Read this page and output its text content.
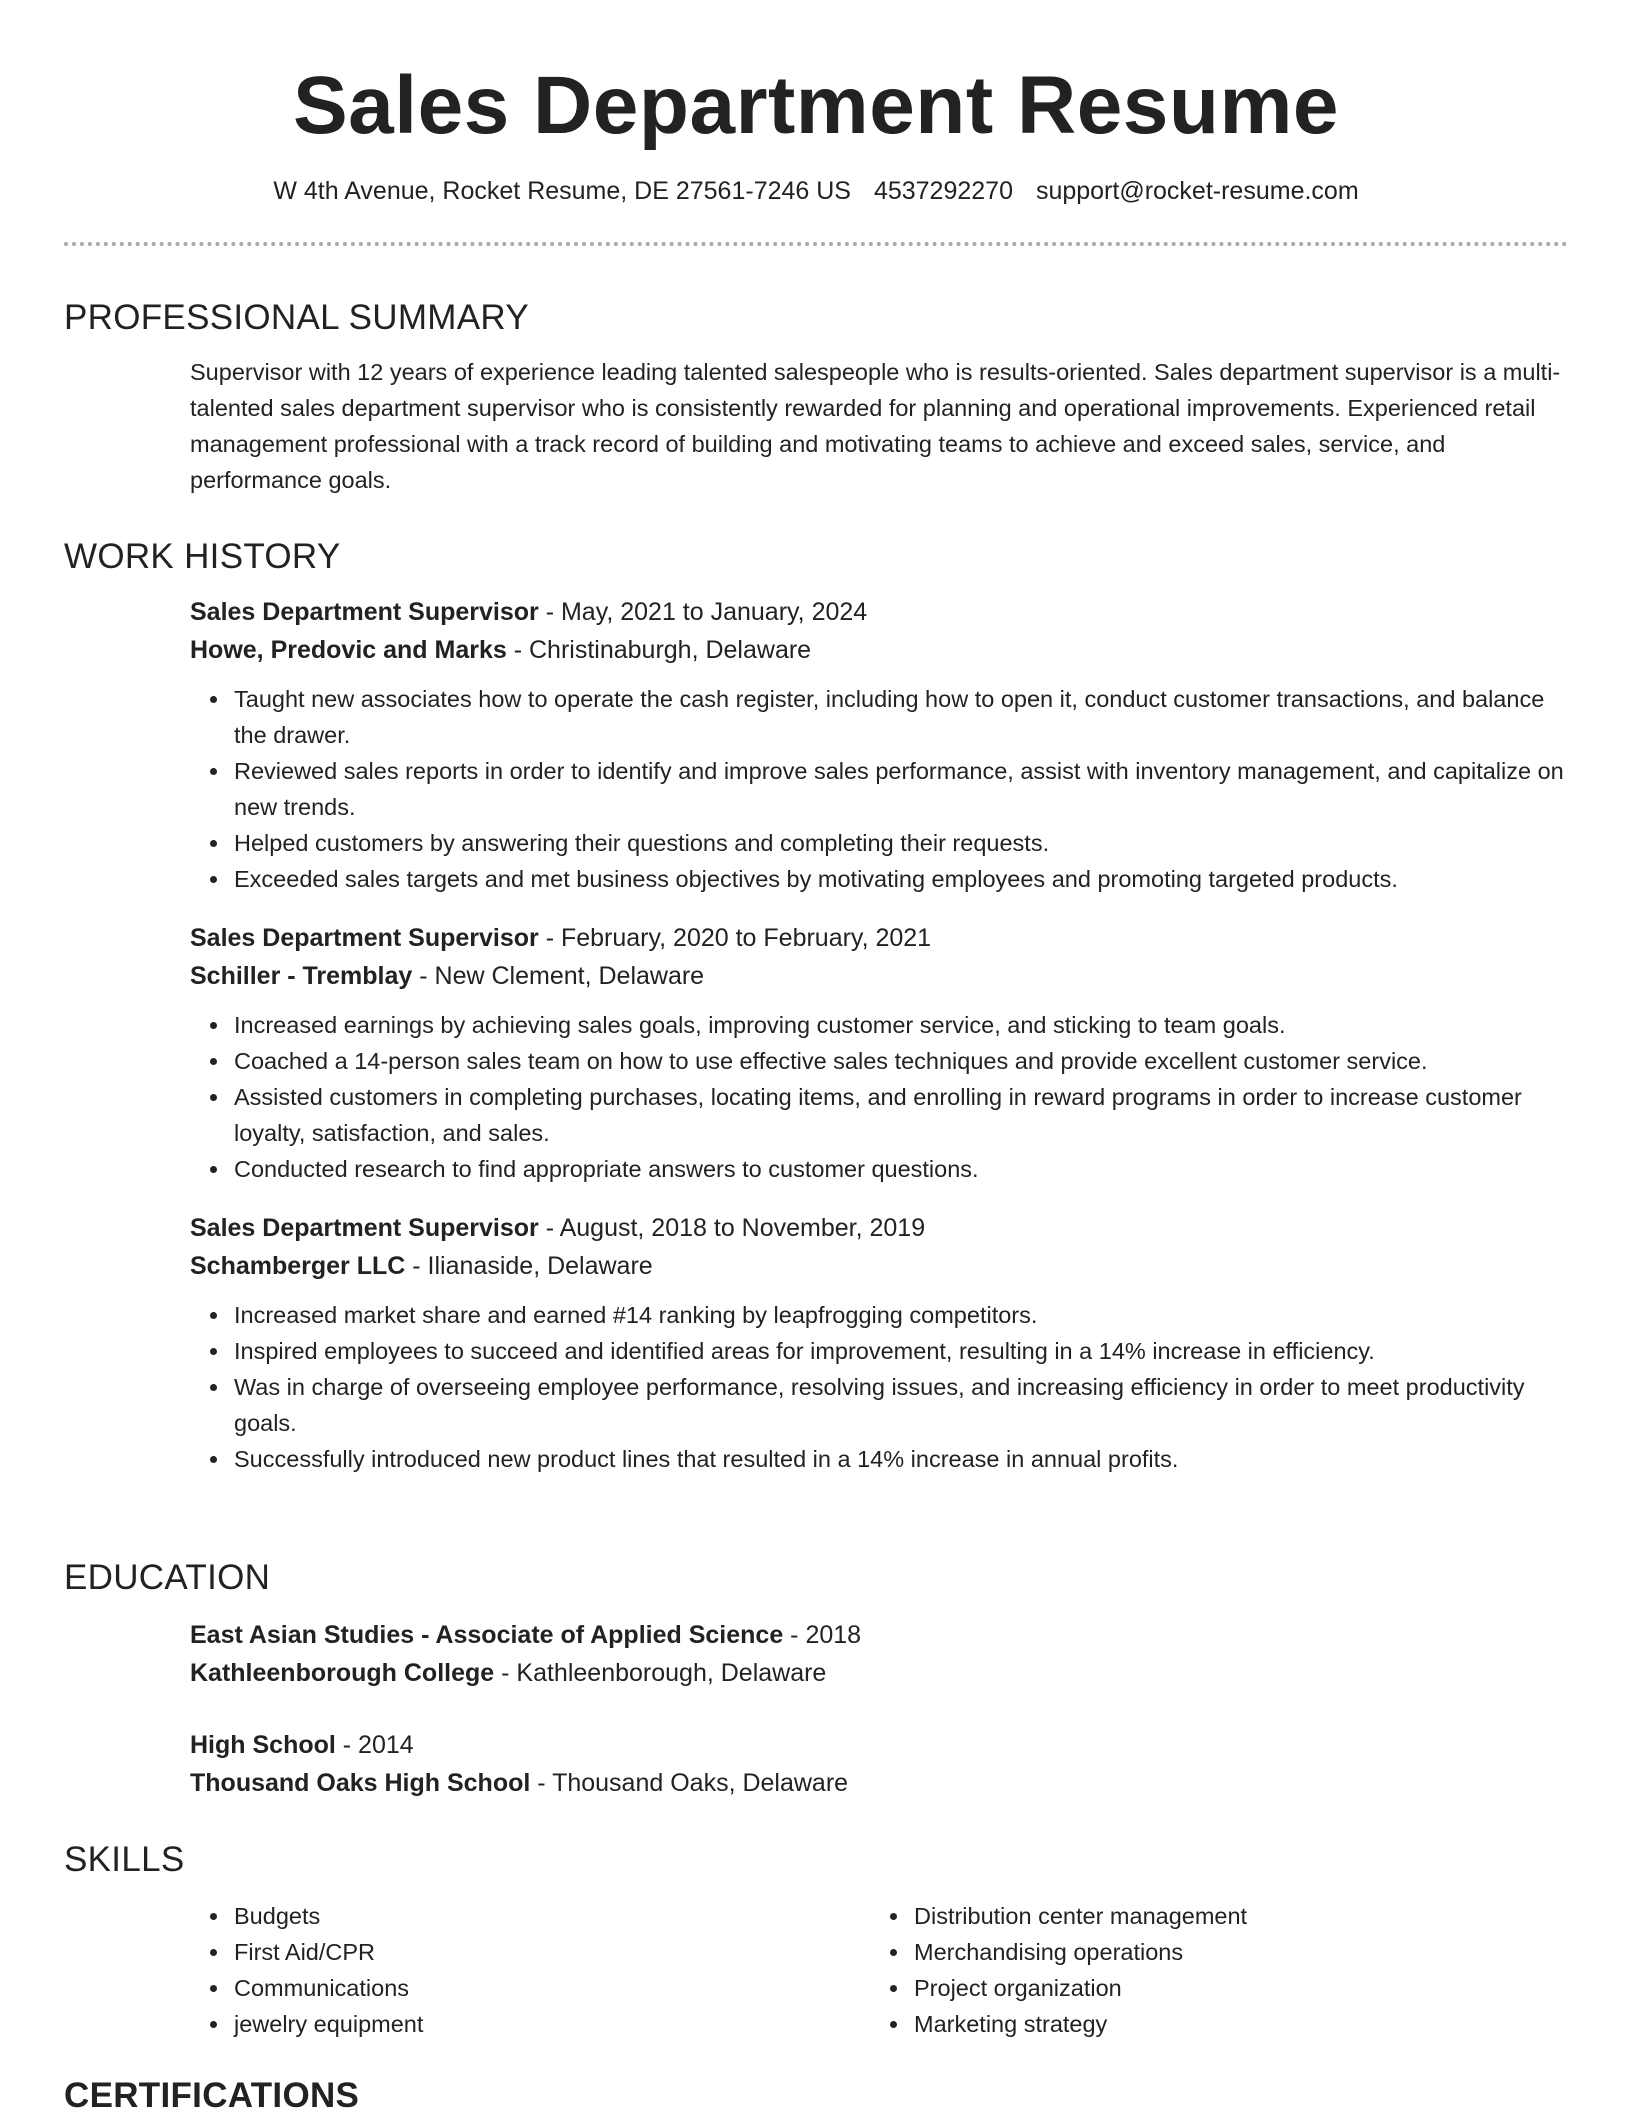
Sales Department Resume
W 4th Avenue, Rocket Resume, DE 27561-7246 US 4537292270 support@rocket-resume.com
PROFESSIONAL SUMMARY

Supervisor with 12 years of experience leading talented salespeople who is results-oriented. Sales department supervisor is a multi-talented sales department supervisor who is consistently rewarded for planning and operational improvements. Experienced retail management professional with a track record of building and motivating teams to achieve and exceed sales, service, and performance goals.

WORK HISTORY

Sales Department Supervisor - May, 2021 to January, 2024

Howe, Predovic and Marks - Christinaburgh, Delaware

Taught new associates how to operate the cash register, including how to open it, conduct customer transactions, and balance the drawer.
Reviewed sales reports in order to identify and improve sales performance, assist with inventory management, and capitalize on new trends.
Helped customers by answering their questions and completing their requests.
Exceeded sales targets and met business objectives by motivating employees and promoting targeted products.

Sales Department Supervisor - February, 2020 to February, 2021

Schiller - Tremblay - New Clement, Delaware

Increased earnings by achieving sales goals, improving customer service, and sticking to team goals.
Coached a 14-person sales team on how to use effective sales techniques and provide excellent customer service.
Assisted customers in completing purchases, locating items, and enrolling in reward programs in order to increase customer loyalty, satisfaction, and sales.
Conducted research to find appropriate answers to customer questions.

Sales Department Supervisor - August, 2018 to November, 2019

Schamberger LLC - Ilianaside, Delaware

Increased market share and earned #14 ranking by leapfrogging competitors.
Inspired employees to succeed and identified areas for improvement, resulting in a 14% increase in efficiency.
Was in charge of overseeing employee performance, resolving issues, and increasing efficiency in order to meet productivity goals.
Successfully introduced new product lines that resulted in a 14% increase in annual profits.
EDUCATION

East Asian Studies - Associate of Applied Science - 2018

Kathleenborough College - Kathleenborough, Delaware

High School - 2014

Thousand Oaks High School - Thousand Oaks, Delaware

SKILLS
Budgets
First Aid/CPR
Communications
jewelry equipment
Distribution center management
Merchandising operations
Project organization
Marketing strategy
CERTIFICATIONS
